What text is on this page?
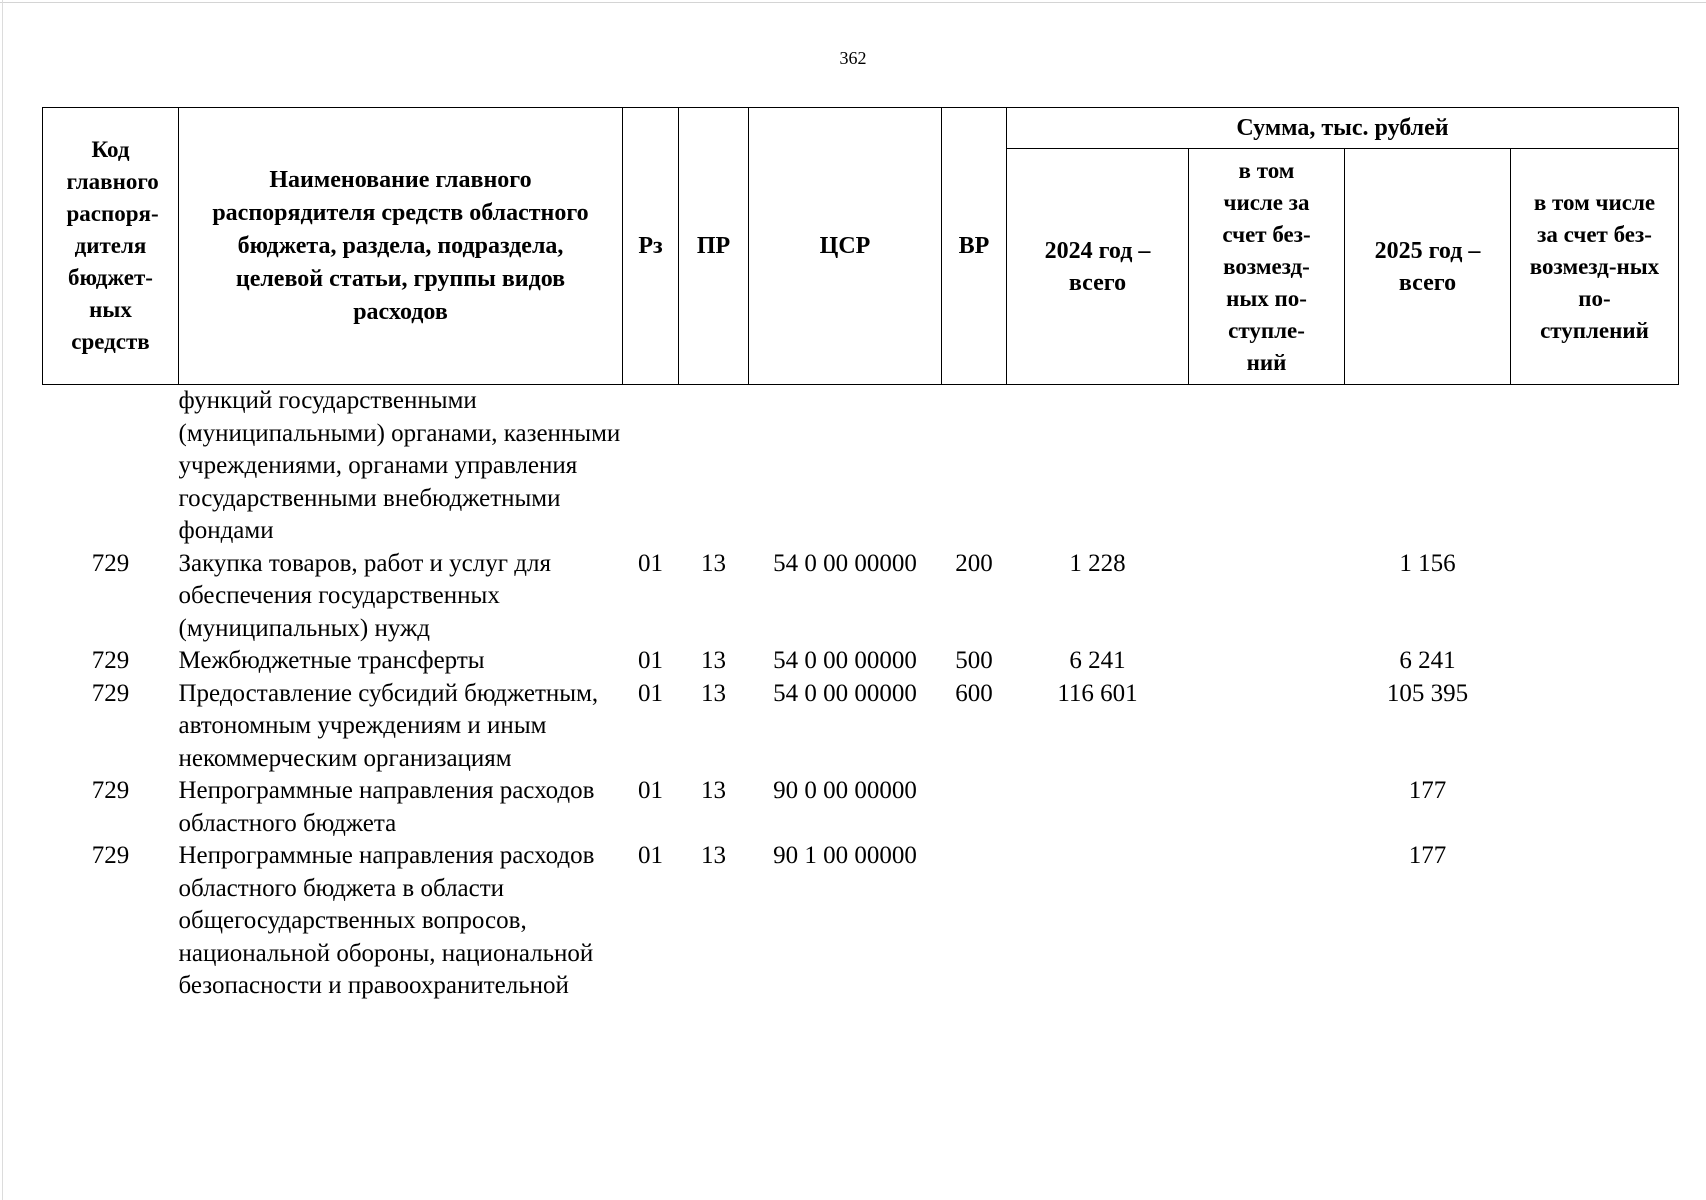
362
Код главного распоря-дителя бюджет-ных средств	Наименование главного распорядителя средств областного бюджета, раздела, подраздела, целевой статьи, группы видов расходов	Рз	ПР	ЦСР	ВР	Сумма, тыс. рублей			

						2024 год – всего	в том числе за счет без-возмезд-ных по-ступле-ний	2025 год – всего	в том числе за счет без-возмезд-ных по-ступлений

	функций государственными (муниципальными) органами, казенными учреждениями, органами управления государственными внебюджетными фондами								
729	Закупка товаров, работ и услуг для обеспечения государственных (муниципальных) нужд	01	13	54 0 00 00000	200	1 228		1 156	
729	Межбюджетные трансферты	01	13	54 0 00 00000	500	6 241		6 241	
729	Предоставление субсидий бюджетным, автономным учреждениям и иным некоммерческим организациям	01	13	54 0 00 00000	600	116 601		105 395	
729	Непрограммные направления расходов областного бюджета	01	13	90 0 00 00000				177	
729	Непрограммные направления расходов областного бюджета в области общегосударственных вопросов, национальной обороны, национальной безопасности и правоохранительной	01	13	90 1 00 00000				177	
